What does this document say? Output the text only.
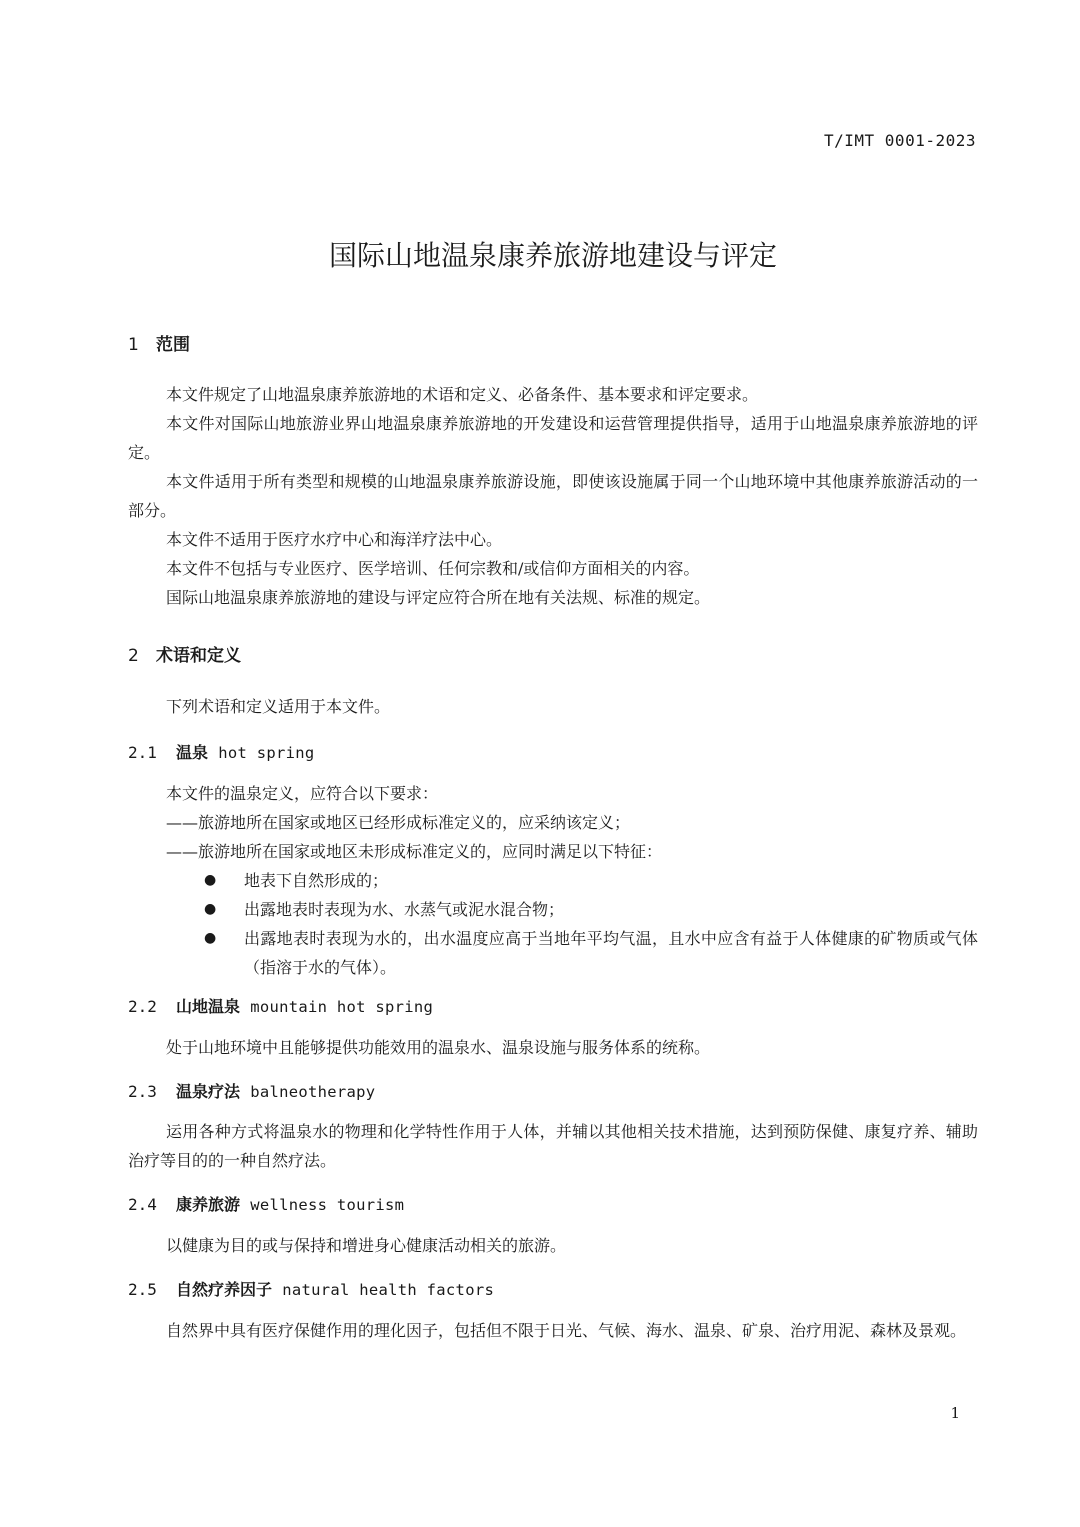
T/IMT 0001-2023
国际山地温泉康养旅游地建设与评定
1 范围

本文件规定了山地温泉康养旅游地的术语和定义、必备条件、基本要求和评定要求。

本文件对国际山地旅游业界山地温泉康养旅游地的开发建设和运营管理提供指导，适用于山地温泉康养旅游地的评定。

本文件适用于所有类型和规模的山地温泉康养旅游设施，即使该设施属于同一个山地环境中其他康养旅游活动的一部分。

本文件不适用于医疗水疗中心和海洋疗法中心。

本文件不包括与专业医疗、医学培训、任何宗教和/或信仰方面相关的内容。

国际山地温泉康养旅游地的建设与评定应符合所在地有关法规、标准的规定。

2 术语和定义

下列术语和定义适用于本文件。

2.1 温泉 hot spring

本文件的温泉定义，应符合以下要求：

——旅游地所在国家或地区已经形成标准定义的，应采纳该定义；

——旅游地所在国家或地区未形成标准定义的，应同时满足以下特征：

● 地表下自然形成的；
● 出露地表时表现为水、水蒸气或泥水混合物；
● 出露地表时表现为水的，出水温度应高于当地年平均气温，且水中应含有益于人体健康的矿物质或气体（指溶于水的气体）。
2.2 山地温泉 mountain hot spring

处于山地环境中且能够提供功能效用的温泉水、温泉设施与服务体系的统称。

2.3 温泉疗法 balneotherapy

运用各种方式将温泉水的物理和化学特性作用于人体，并辅以其他相关技术措施，达到预防保健、康复疗养、辅助治疗等目的的一种自然疗法。

2.4 康养旅游 wellness tourism

以健康为目的或与保持和增进身心健康活动相关的旅游。

2.5 自然疗养因子 natural health factors

自然界中具有医疗保健作用的理化因子，包括但不限于日光、气候、海水、温泉、矿泉、治疗用泥、森林及景观。

1
